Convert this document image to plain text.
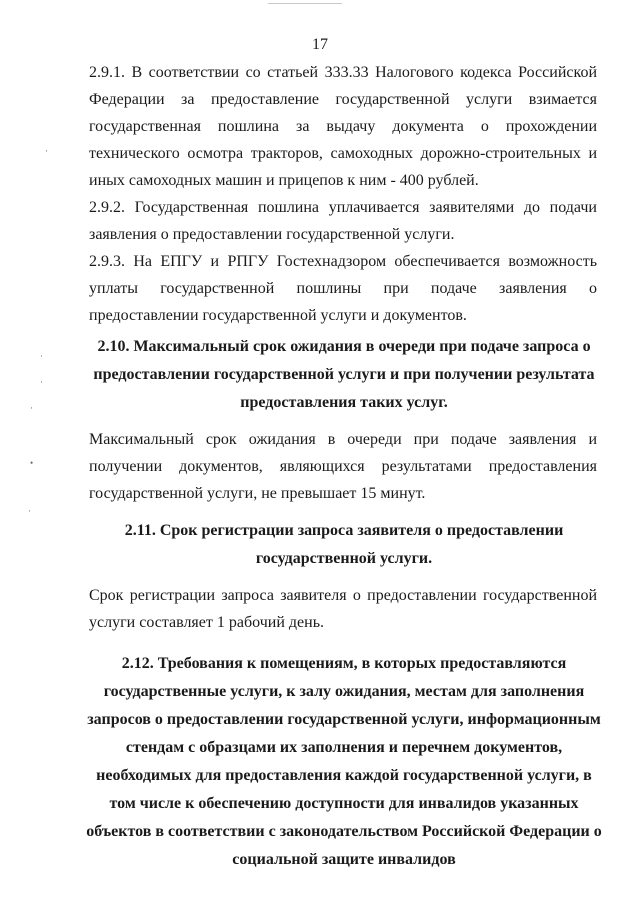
17

2.9.1. В соответствии со статьей 333.33 Налогового кодекса Российской Федерации за предоставление государственной услуги взимается государственная пошлина за выдачу документа о прохождении технического осмотра тракторов, самоходных дорожно-строительных и иных самоходных машин и прицепов к ним - 400 рублей.

2.9.2. Государственная пошлина уплачивается заявителями до подачи заявления о предоставлении государственной услуги.

2.9.3. На ЕПГУ и РПГУ Гостехнадзором обеспечивается возможность уплаты государственной пошлины при подаче заявления о предоставлении государственной услуги и документов.

2.10. Максимальный срок ожидания в очереди при подаче запроса о предоставлении государственной услуги и при получении результата предоставления таких услуг.

Максимальный срок ожидания в очереди при подаче заявления и получении документов, являющихся результатами предоставления государственной услуги, не превышает 15 минут.

2.11. Срок регистрации запроса заявителя о предоставлении государственной услуги.

Срок регистрации запроса заявителя о предоставлении государственной услуги составляет 1 рабочий день.

2.12. Требования к помещениям, в которых предоставляются государственные услуги, к залу ожидания, местам для заполнения запросов о предоставлении государственной услуги, информационным стендам с образцами их заполнения и перечнем документов, необходимых для предоставления каждой государственной услуги, в том числе к обеспечению доступности для инвалидов указанных объектов в соответствии с законодательством Российской Федерации о социальной защите инвалидов

·
·
·
•
·
·
